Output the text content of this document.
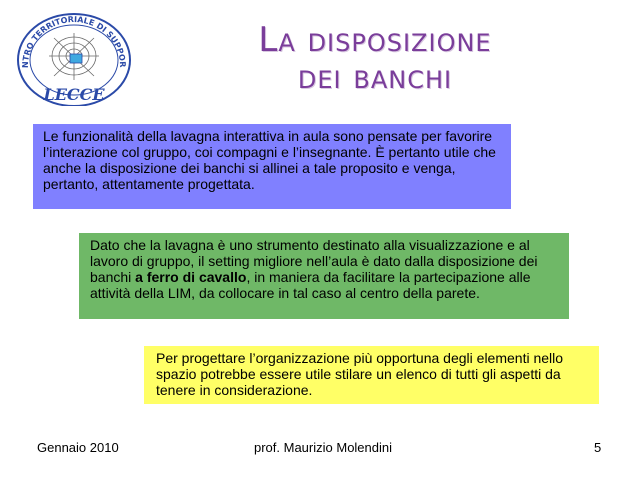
NTRO TERRITORIALE DI SUPPOR
LECCE
La disposizione
dei banchi
Le funzionalità della lavagna interattiva in aula sono pensate per favorire l’interazione col gruppo, coi compagni e l’insegnante. È pertanto utile che anche la disposizione dei banchi si allinei a tale proposito e venga, pertanto, attentamente progettata.
Dato che la lavagna è uno strumento destinato alla visualizzazione e al lavoro di gruppo, il setting migliore nell’aula è dato dalla disposizione dei banchi a ferro di cavallo, in maniera da facilitare la partecipazione alle attività della LIM, da collocare in tal caso al centro della parete.
Per progettare l’organizzazione più opportuna degli elementi nello spazio potrebbe essere utile stilare un elenco di tutti gli aspetti da tenere in considerazione.
Gennaio 2010	prof. Maurizio Molendini	5
